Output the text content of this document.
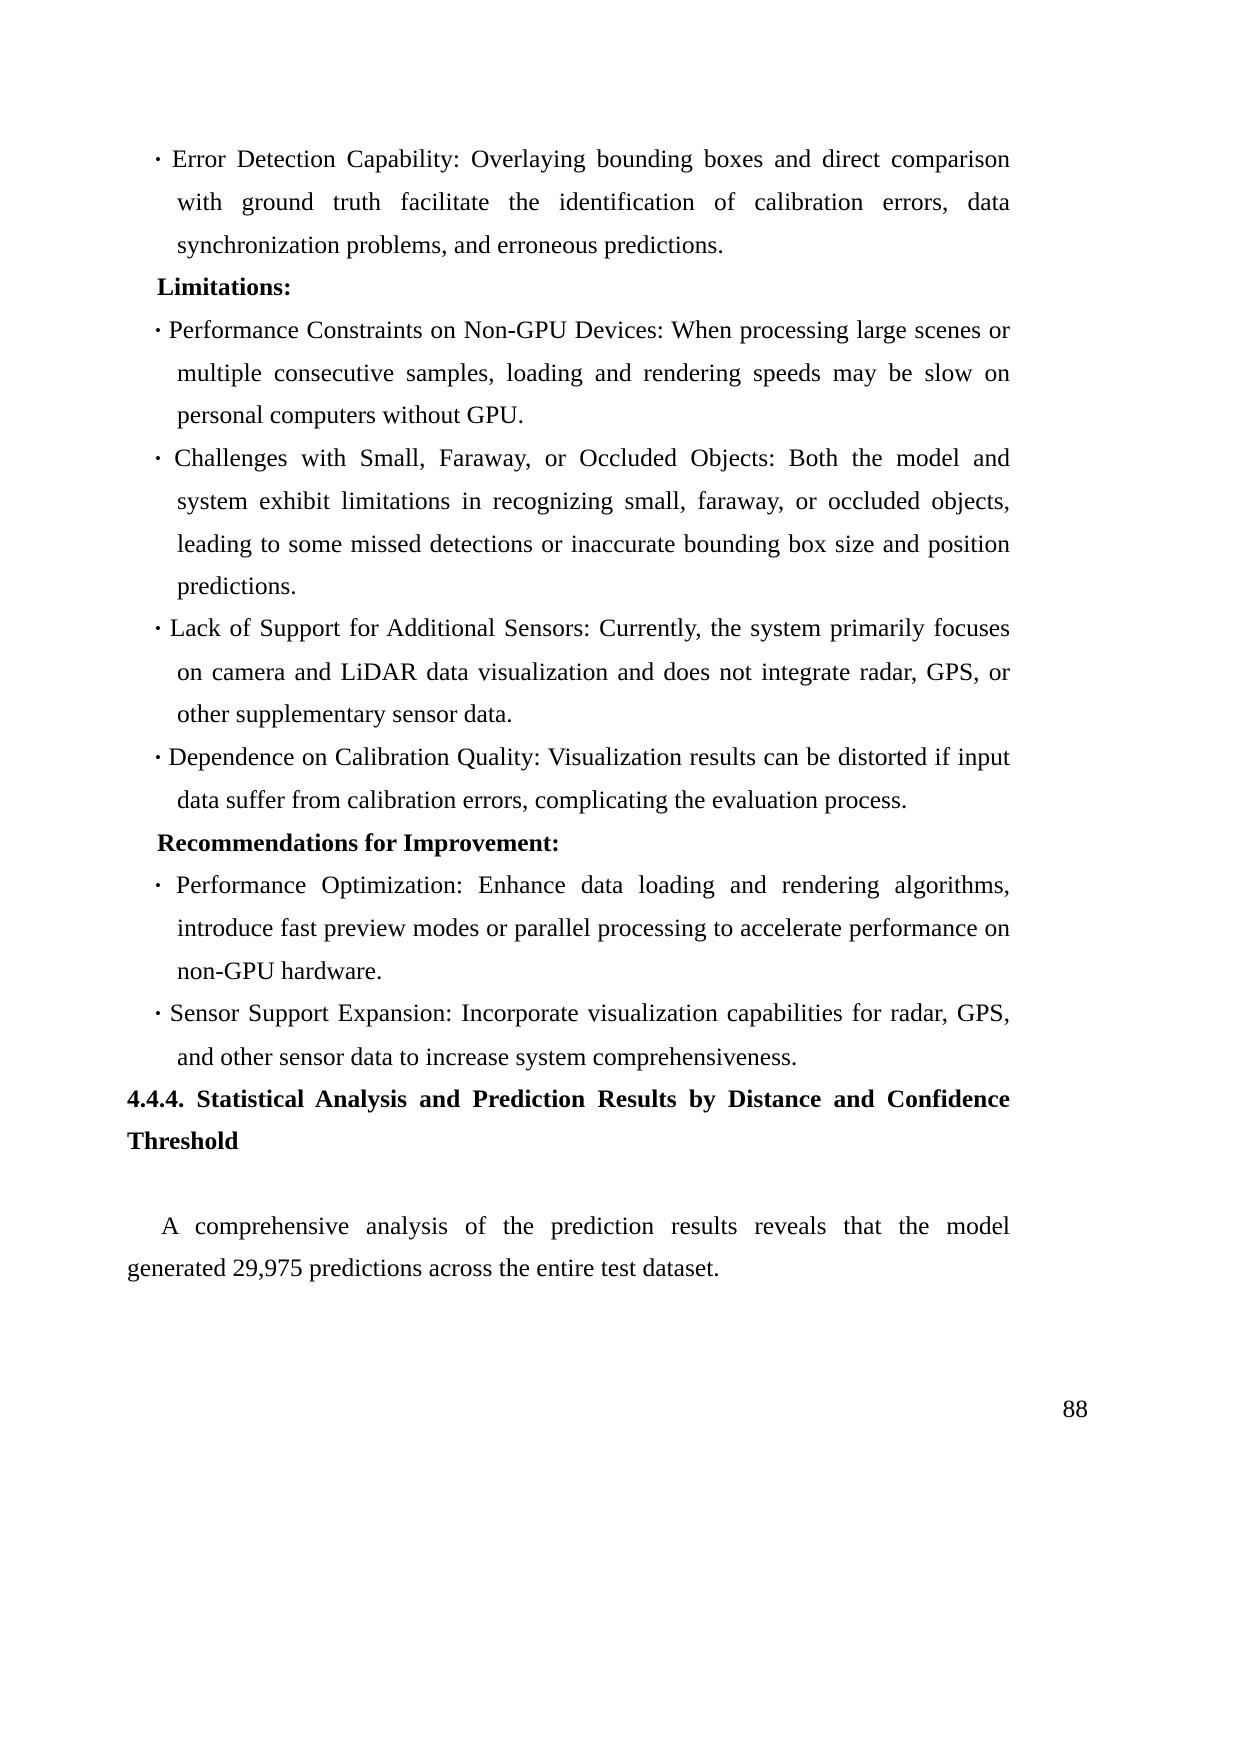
• Error Detection Capability: Overlaying bounding boxes and direct comparison with ground truth facilitate the identification of calibration errors, data synchronization problems, and erroneous predictions.

Limitations:

• Performance Constraints on Non-GPU Devices: When processing large scenes or multiple consecutive samples, loading and rendering speeds may be slow on personal computers without GPU.

• Challenges with Small, Faraway, or Occluded Objects: Both the model and system exhibit limitations in recognizing small, faraway, or occluded objects, leading to some missed detections or inaccurate bounding box size and position predictions.

• Lack of Support for Additional Sensors: Currently, the system primarily focuses on camera and LiDAR data visualization and does not integrate radar, GPS, or other supplementary sensor data.

• Dependence on Calibration Quality: Visualization results can be distorted if input data suffer from calibration errors, complicating the evaluation process.

Recommendations for Improvement:

• Performance Optimization: Enhance data loading and rendering algorithms, introduce fast preview modes or parallel processing to accelerate performance on non-GPU hardware.

• Sensor Support Expansion: Incorporate visualization capabilities for radar, GPS, and other sensor data to increase system comprehensiveness.

4.4.4. Statistical Analysis and Prediction Results by Distance and Confidence Threshold

A comprehensive analysis of the prediction results reveals that the model generated 29,975 predictions across the entire test dataset.

88
